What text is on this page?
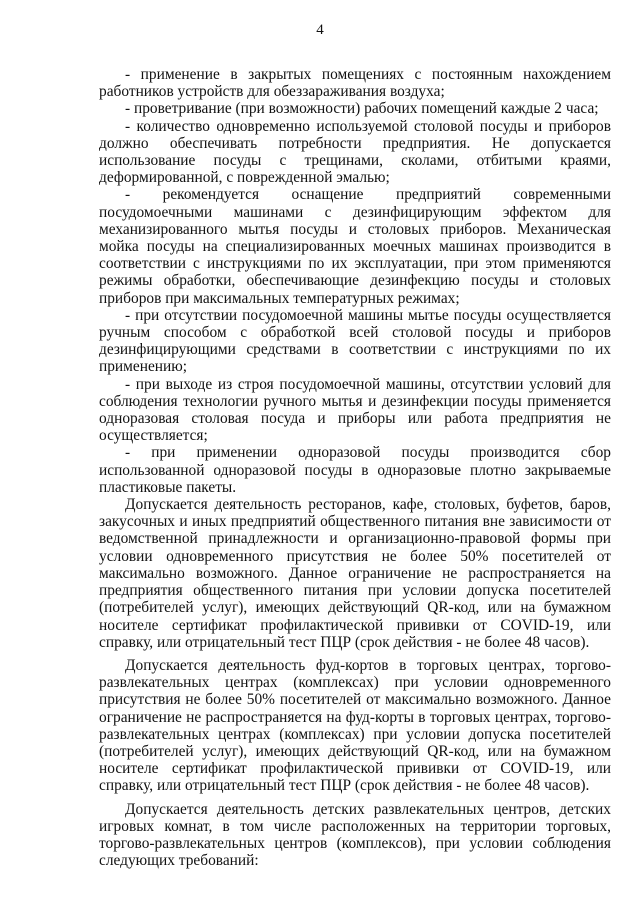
4

- применение в закрытых помещениях с постоянным нахождением работников устройств для обеззараживания воздуха;

- проветривание (при возможности) рабочих помещений каждые 2 часа;

- количество одновременно используемой столовой посуды и приборов должно обеспечивать потребности предприятия. Не допускается использование посуды с трещинами, сколами, отбитыми краями, деформированной, с поврежденной эмалью;

- рекомендуется оснащение предприятий современными посудомоечными машинами с дезинфицирующим эффектом для механизированного мытья посуды и столовых приборов. Механическая мойка посуды на специализированных моечных машинах производится в соответствии с инструкциями по их эксплуатации, при этом применяются режимы обработки, обеспечивающие дезинфекцию посуды и столовых приборов при максимальных температурных режимах;

- при отсутствии посудомоечной машины мытье посуды осуществляется ручным способом с обработкой всей столовой посуды и приборов дезинфицирующими средствами в соответствии с инструкциями по их применению;

- при выходе из строя посудомоечной машины, отсутствии условий для соблюдения технологии ручного мытья и дезинфекции посуды применяется одноразовая столовая посуда и приборы или работа предприятия не осуществляется;

- при применении одноразовой посуды производится сбор использованной одноразовой посуды в одноразовые плотно закрываемые пластиковые пакеты.

Допускается деятельность ресторанов, кафе, столовых, буфетов, баров, закусочных и иных предприятий общественного питания вне зависимости от ведомственной принадлежности и организационно-правовой формы при условии одновременного присутствия не более 50% посетителей от максимально возможного. Данное ограничение не распространяется на предприятия общественного питания при условии допуска посетителей (потребителей услуг), имеющих действующий QR-код, или на бумажном носителе сертификат профилактической прививки от COVID-19, или справку, или отрицательный тест ПЦР (срок действия - не более 48 часов).

Допускается деятельность фуд-кортов в торговых центрах, торгово-развлекательных центрах (комплексах) при условии одновременного присутствия не более 50% посетителей от максимально возможного. Данное ограничение не распространяется на фуд-корты в торговых центрах, торгово-развлекательных центрах (комплексах) при условии допуска посетителей (потребителей услуг), имеющих действующий QR-код, или на бумажном носителе сертификат профилактической прививки от COVID-19, или справку, или отрицательный тест ПЦР (срок действия - не более 48 часов).

Допускается деятельность детских развлекательных центров, детских игровых комнат, в том числе расположенных на территории торговых, торгово-развлекательных центров (комплексов), при условии соблюдения следующих требований:
